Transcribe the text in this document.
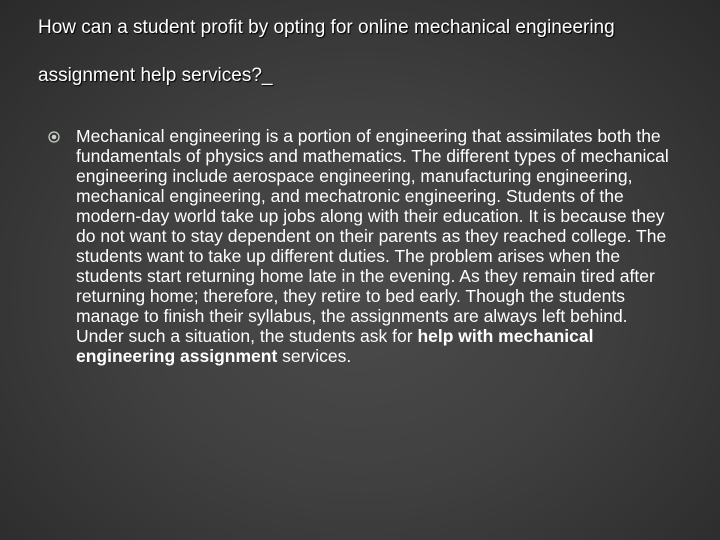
How can a student profit by opting for online mechanical engineering assignment help services?_

Mechanical engineering is a portion of engineering that assimilates both the fundamentals of physics and mathematics. The different types of mechanical engineering include aerospace engineering, manufacturing engineering, mechanical engineering, and mechatronic engineering. Students of the modern-day world take up jobs along with their education. It is because they do not want to stay dependent on their parents as they reached college. The students want to take up different duties. The problem arises when the students start returning home late in the evening. As they remain tired after returning home; therefore, they retire to bed early. Though the students manage to finish their syllabus, the assignments are always left behind. Under such a situation, the students ask for help with mechanical engineering assignment services.
